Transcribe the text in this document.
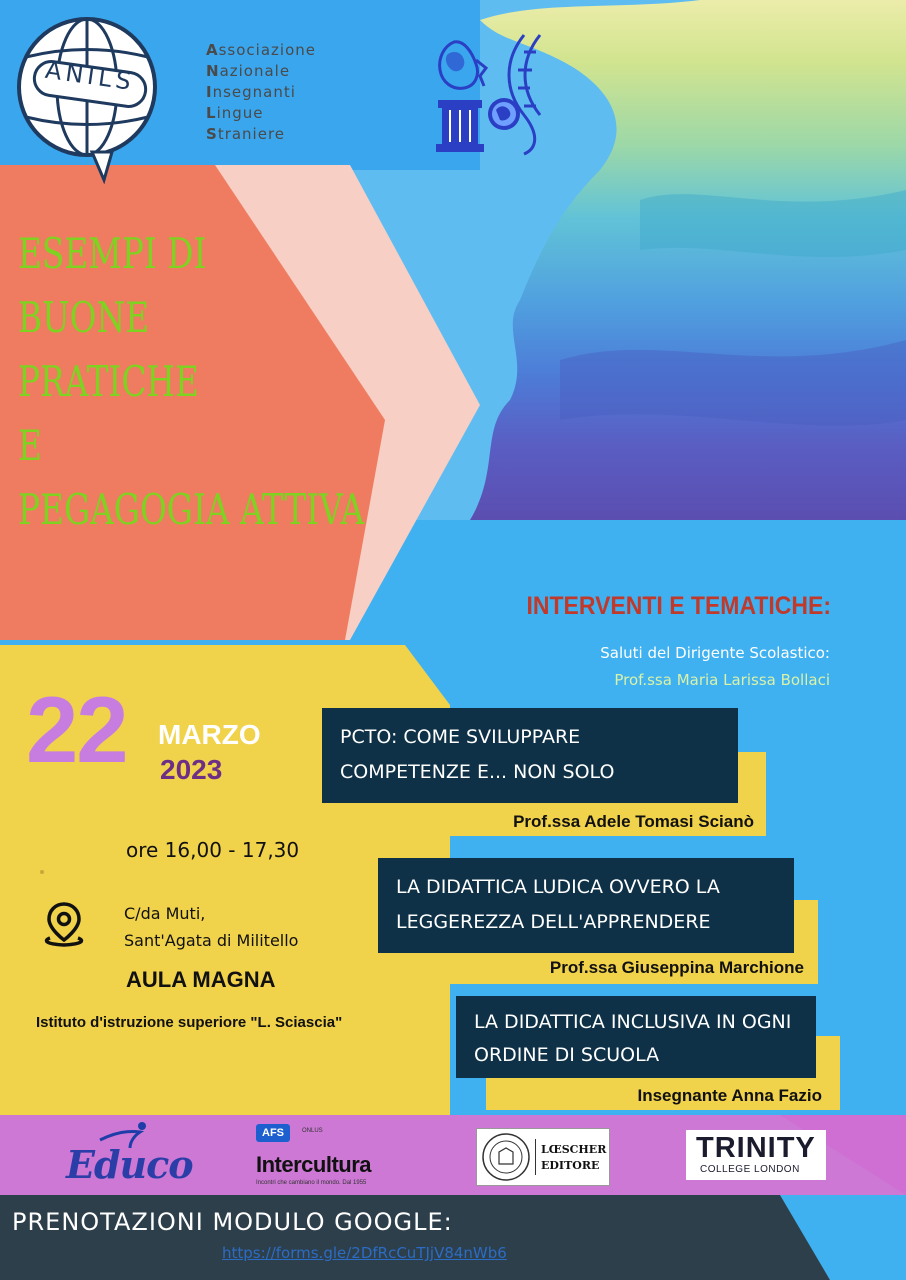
ANILS
Associazione
Nazionale
Insegnanti
Lingue
Straniere
ESEMPI DI
BUONE
PRATICHE
E
PEGAGOGIA ATTIVA
INTERVENTI E TEMATICHE:
Saluti del Dirigente Scolastico:
Prof.ssa Maria Larissa Bollaci
22 MARZO
2023
ore 16,00 - 17,30
C/da Muti,
Sant'Agata di Militello
AULA MAGNA
Istituto d'istruzione superiore "L. Sciascia"
PCTO: COME SVILUPPARE
COMPETENZE E... NON SOLO
Prof.ssa Adele Tomasi Scianò
LA DIDATTICA LUDICA OVVERO LA
LEGGEREZZA DELL'APPRENDERE
Prof.ssa Giuseppina Marchione
LA DIDATTICA INCLUSIVA IN OGNI
ORDINE DI SCUOLA
Insegnante Anna Fazio
Educo
AFS	ONLUS
Intercultura
Incontri che cambiano il mondo. Dal 1955
LŒSCHER
EDITORE
TRINITY
COLLEGE LONDON
PRENOTAZIONI MODULO GOOGLE:
https://forms.gle/2DfRcCuTJjV84nWb6
